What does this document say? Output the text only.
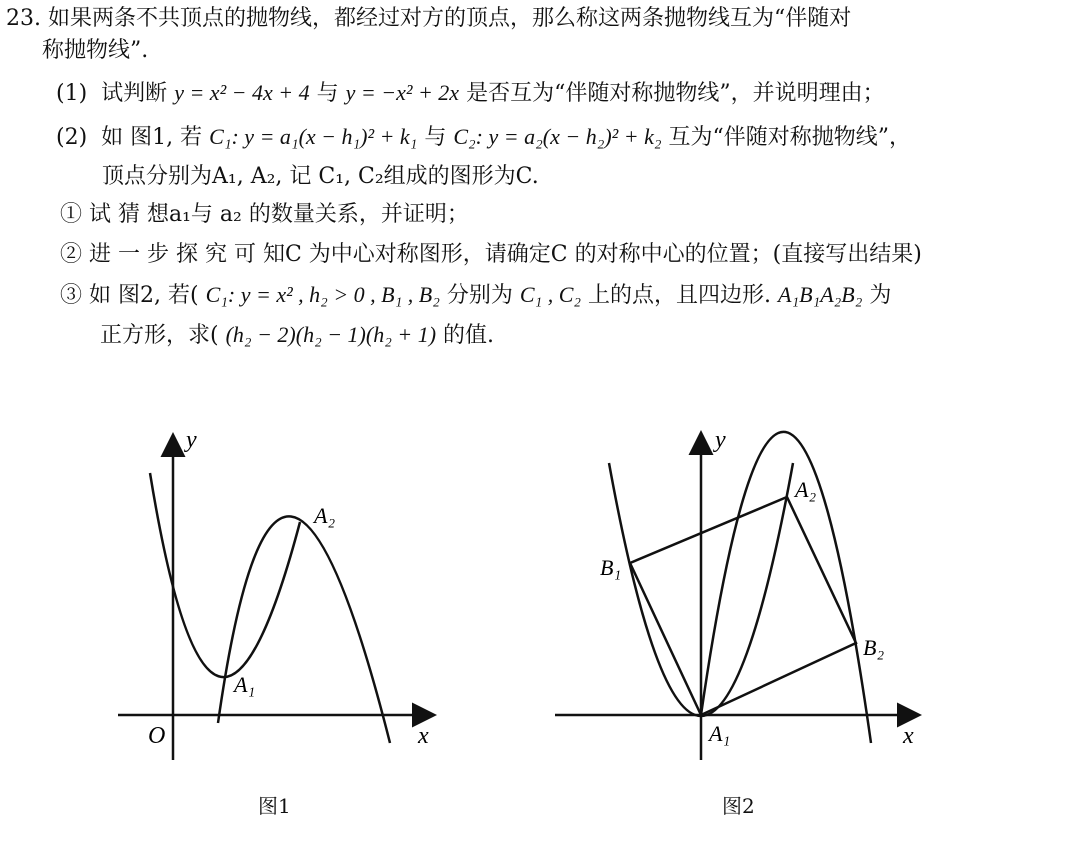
23. 如果两条不共顶点的抛物线，都经过对方的顶点，那么称这两条抛物线互为“伴随对
称抛物线”.
(1) 试判断 y = x² − 4x + 4 与 y = −x² + 2x 是否互为“伴随对称抛物线”，并说明理由；
(2) 如 图1, 若 C₁: y = a₁(x − h₁)² + k₁ 与 C₂: y = a₂(x − h₂)² + k₂ 互为“伴随对称抛物线”，
顶点分别为A₁, A₂, 记 C₁, C₂组成的图形为C.
① 试 猜 想a₁与 a₂ 的数量关系，并证明；
② 进 一 步 探 究 可 知C 为中心对称图形，请确定C 的对称中心的位置；(直接写出结果)
③ 如 图2, 若( C₁: y = x² , h₂ > 0 , B₁ , B₂ 分别为 C₁ , C₂ 上的点，且四边形. A₁B₁A₂B₂ 为
正方形，求( (h₂ − 2)(h₂ − 1)(h₂ + 1) 的值.
y
x
O
A₁
A₂
图1
y
x
A₁
A₂
B₁
B₂
图2
